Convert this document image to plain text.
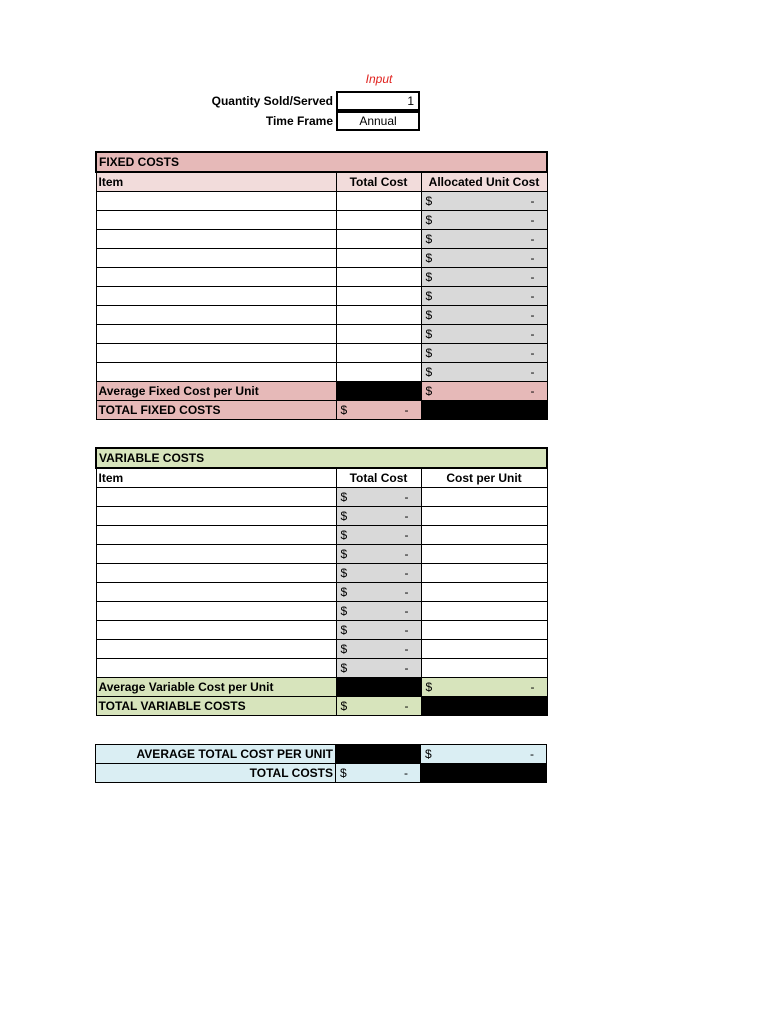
Input
Quantity Sold/Served	1
Time Frame	Annual
FIXED COSTS		
Item	Total Cost	Allocated Unit Cost

		$ -

		$ -

		$ -

		$ -

		$ -

		$ -

		$ -

		$ -

		$ -

		$ -

Average Fixed Cost per Unit		$ -

TOTAL FIXED COSTS	$ -	

VARIABLE COSTS		
Item	Total Cost	Cost per Unit

	$ -	

	$ -	

	$ -	

	$ -	

	$ -	

	$ -	

	$ -	

	$ -	

	$ -	

	$ -	

Average Variable Cost per Unit		$ -

TOTAL VARIABLE COSTS	$ -	

AVERAGE TOTAL COST PER UNIT		$ -

TOTAL COSTS	$ -	
